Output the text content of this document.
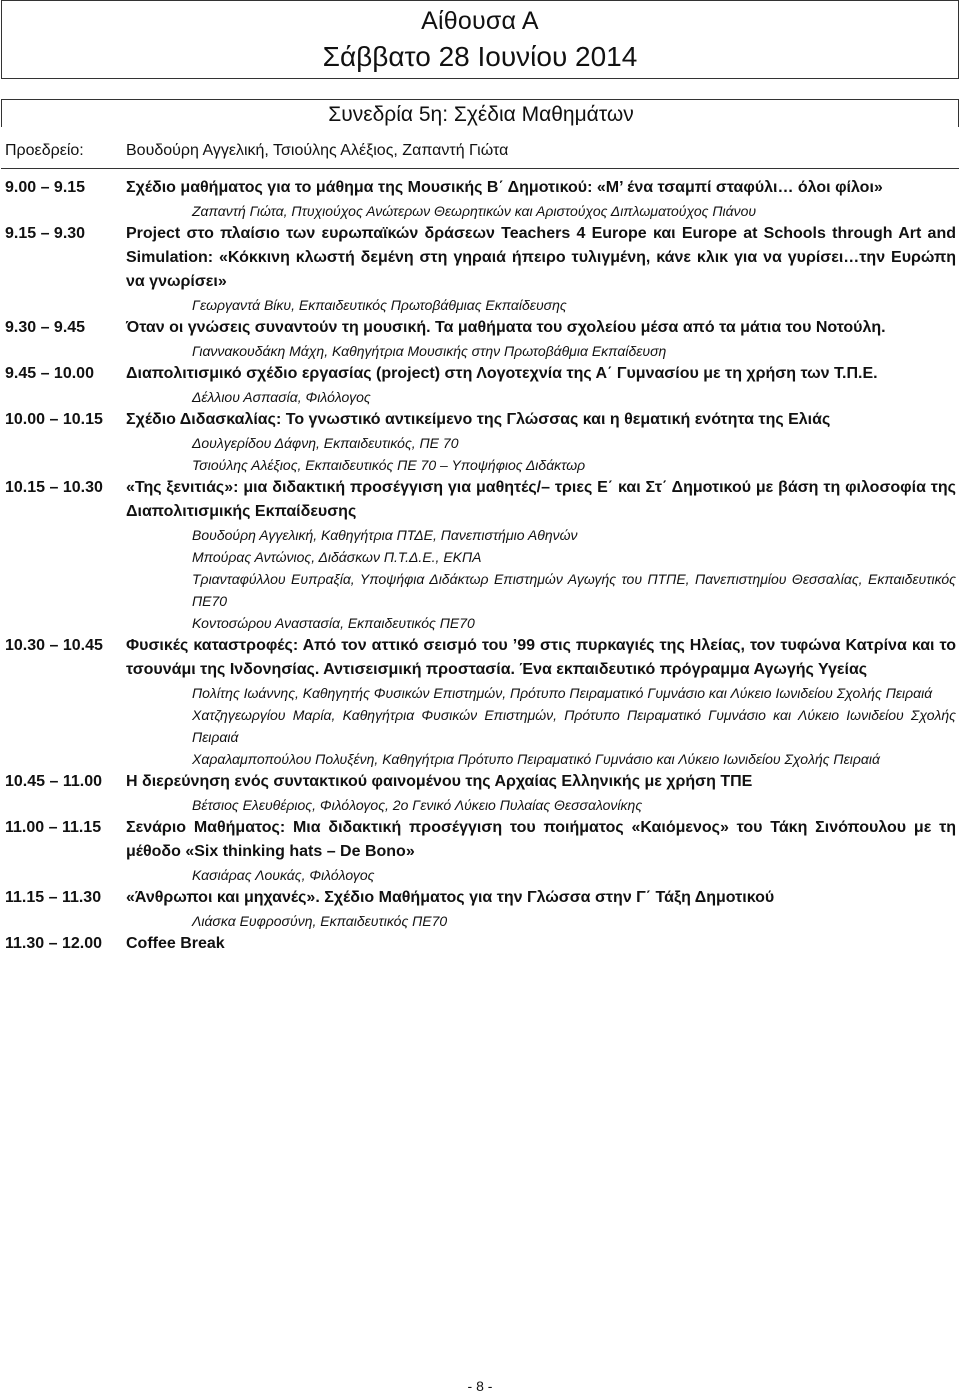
Αίθουσα Α
Σάββατο 28 Ιουνίου 2014
Συνεδρία 5η: Σχέδια Μαθημάτων
Προεδρείο:	Βουδούρη Αγγελική, Τσιούλης Αλέξιος, Ζαπαντή Γιώτα
9.00 – 9.15	Σχέδιο μαθήματος για το μάθημα της Μουσικής Β΄ Δημοτικού: «Μ’ ένα τσαμπί σταφύλι… όλοι φίλοι»
Ζαπαντή Γιώτα, Πτυχιούχος Ανώτερων Θεωρητικών και Αριστούχος Διπλωματούχος Πιάνου
9.15 – 9.30	Project στο πλαίσιο των ευρωπαϊκών δράσεων Teachers 4 Europe και Europe at Schools through Art and Simulation: «Κόκκινη κλωστή δεμένη στη γηραιά ήπειρο τυλιγμένη, κάνε κλικ για να γυρίσει…την Ευρώπη να γνωρίσει»
Γεωργαντά Βίκυ, Εκπαιδευτικός Πρωτοβάθμιας Εκπαίδευσης
9.30 – 9.45	Όταν οι γνώσεις συναντούν τη μουσική. Τα μαθήματα του σχολείου μέσα από τα μάτια του Νοτούλη.
Γιαννακουδάκη Μάχη, Καθηγήτρια Μουσικής στην Πρωτοβάθμια Εκπαίδευση
9.45 – 10.00 Διαπολιτισμικό σχέδιο εργασίας (project) στη Λογοτεχνία της Α΄ Γυμνασίου με τη χρήση των Τ.Π.Ε.
Δέλλιου Ασπασία, Φιλόλογος
10.00 – 10.15 Σχέδιο Διδασκαλίας: Το γνωστικό αντικείμενο της Γλώσσας και η θεματική ενότητα της Ελιάς
Δουλγερίδου Δάφνη, Εκπαιδευτικός, ΠΕ 70
Τσιούλης Αλέξιος, Εκπαιδευτικός ΠΕ 70 – Υποψήφιος Διδάκτωρ
10.15 – 10.30 «Της ξενιτιάς»: μια διδακτική προσέγγιση για μαθητές/– τριες Ε΄ και Στ΄ Δημοτικού με βάση τη φιλοσοφία της Διαπολιτισμικής Εκπαίδευσης
Βουδούρη Αγγελική, Καθηγήτρια ΠΤΔΕ, Πανεπιστήμιο Αθηνών
Μπούρας Αντώνιος, Διδάσκων Π.Τ.Δ.Ε., ΕΚΠΑ
Τριανταφύλλου Ευπραξία, Υποψήφια Διδάκτωρ Επιστημών Αγωγής του ΠΤΠΕ, Πανεπιστημίου Θεσσαλίας, Εκπαιδευτικός ΠΕ70
Κοντοσώρου Αναστασία, Εκπαιδευτικός ΠΕ70
10.30 – 10.45 Φυσικές καταστροφές: Από τον αττικό σεισμό του ’99 στις πυρκαγιές της Ηλείας, τον τυφώνα Κατρίνα και το τσουνάμι της Ινδονησίας. Αντισεισμική προστασία. Ένα εκπαιδευτικό πρόγραμμα Αγωγής Υγείας
Πολίτης Ιωάννης, Καθηγητής Φυσικών Επιστημών, Πρότυπο Πειραματικό Γυμνάσιο και Λύκειο Ιωνιδείου Σχολής Πειραιά
Χατζηγεωργίου Μαρία, Καθηγήτρια Φυσικών Επιστημών, Πρότυπο Πειραματικό Γυμνάσιο και Λύκειο Ιωνιδείου Σχολής Πειραιά
Χαραλαμποπούλου Πολυξένη, Καθηγήτρια Πρότυπο Πειραματικό Γυμνάσιο και Λύκειο Ιωνιδείου Σχολής Πειραιά
10.45 – 11.00 Η διερεύνηση ενός συντακτικού φαινομένου της Αρχαίας Ελληνικής με χρήση ΤΠΕ
Βέτσιος Ελευθέριος, Φιλόλογος, 2ο Γενικό Λύκειο Πυλαίας Θεσσαλονίκης
11.00 – 11.15 Σενάριο Μαθήματος: Μια διδακτική προσέγγιση του ποιήματος «Καιόμενος» του Τάκη Σινόπουλου με τη μέθοδο «Six thinking hats – De Bono»
Κασιάρας Λουκάς, Φιλόλογος
11.15 – 11.30 «Άνθρωποι και μηχανές». Σχέδιο Μαθήματος για την Γλώσσα στην Γ΄ Τάξη Δημοτικού
Λιάσκα Ευφροσύνη, Εκπαιδευτικός ΠΕ70
11.30 – 12.00 Coffee Break
- 8 -
